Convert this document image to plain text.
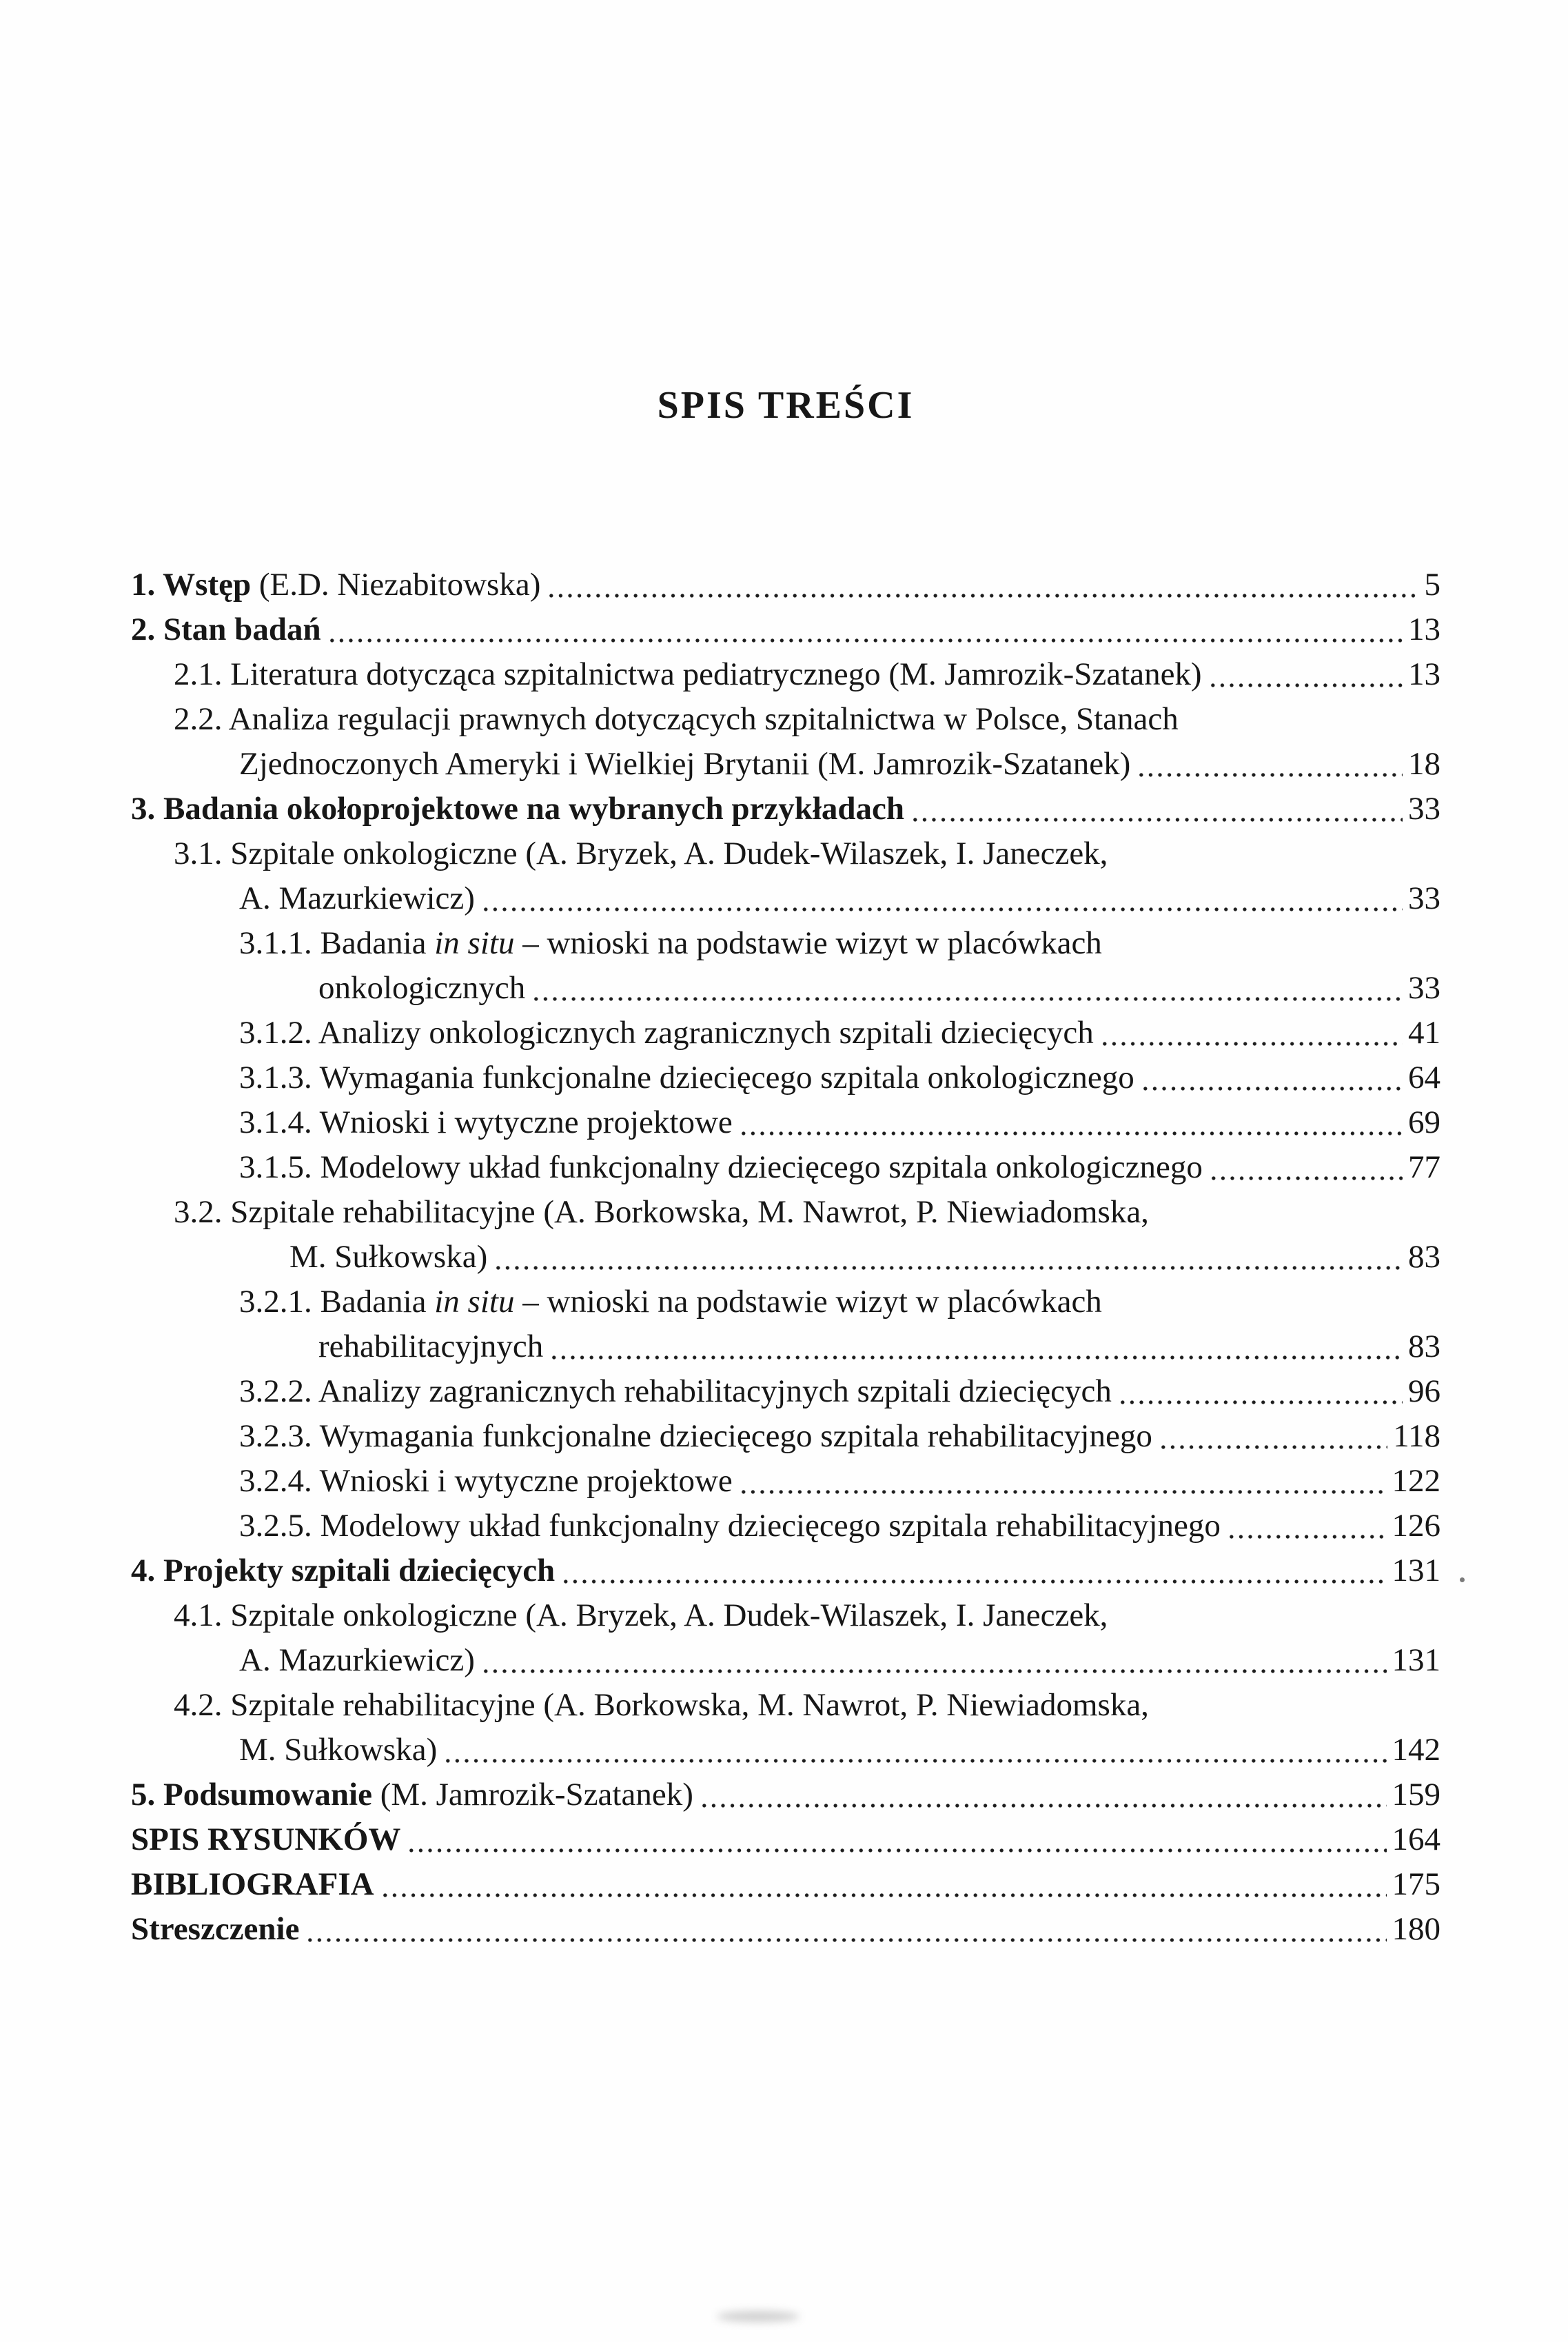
SPIS TREŚCI
1. Wstęp (E.D. Niezabitowska)	5
2. Stan badań	13
2.1. Literatura dotycząca szpitalnictwa pediatrycznego (M. Jamrozik-Szatanek)	13
2.2. Analiza regulacji prawnych dotyczących szpitalnictwa w Polsce, Stanach
Zjednoczonych Ameryki i Wielkiej Brytanii (M. Jamrozik-Szatanek)	18
3. Badania okołoprojektowe na wybranych przykładach	33
3.1. Szpitale onkologiczne (A. Bryzek, A. Dudek-Wilaszek, I. Janeczek,
A. Mazurkiewicz)	33
3.1.1. Badania in situ – wnioski na podstawie wizyt w placówkach
onkologicznych	33
3.1.2. Analizy onkologicznych zagranicznych szpitali dziecięcych	41
3.1.3. Wymagania funkcjonalne dziecięcego szpitala onkologicznego	64
3.1.4. Wnioski i wytyczne projektowe	69
3.1.5. Modelowy układ funkcjonalny dziecięcego szpitala onkologicznego	77
3.2. Szpitale rehabilitacyjne (A. Borkowska, M. Nawrot, P. Niewiadomska,
M. Sułkowska)	83
3.2.1. Badania in situ – wnioski na podstawie wizyt w placówkach
rehabilitacyjnych	83
3.2.2. Analizy zagranicznych rehabilitacyjnych szpitali dziecięcych	96
3.2.3. Wymagania funkcjonalne dziecięcego szpitala rehabilitacyjnego	118
3.2.4. Wnioski i wytyczne projektowe	122
3.2.5. Modelowy układ funkcjonalny dziecięcego szpitala rehabilitacyjnego	126
4. Projekty szpitali dziecięcych	131
4.1. Szpitale onkologiczne (A. Bryzek, A. Dudek-Wilaszek, I. Janeczek,
A. Mazurkiewicz)	131
4.2. Szpitale rehabilitacyjne (A. Borkowska, M. Nawrot, P. Niewiadomska,
M. Sułkowska)	142
5. Podsumowanie (M. Jamrozik-Szatanek)	159
SPIS RYSUNKÓW	164
BIBLIOGRAFIA	175
Streszczenie	180
